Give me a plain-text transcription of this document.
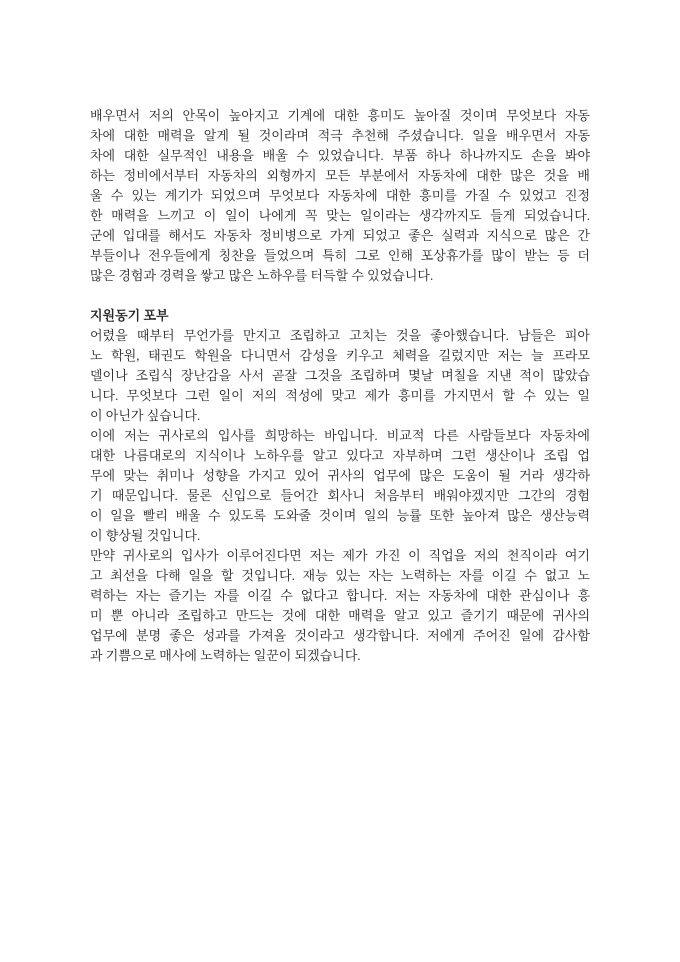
배우면서 저의 안목이 높아지고 기계에 대한 흥미도 높아질 것이며 무엇보다 자동
차에 대한 매력을 알게 될 것이라며 적극 추천해 주셨습니다. 일을 배우면서 자동
차에 대한 실무적인 내용을 배울 수 있었습니다. 부품 하나 하나까지도 손을 봐야
하는 정비에서부터 자동차의 외형까지 모든 부분에서 자동차에 대한 많은 것을 배
울 수 있는 계기가 되었으며 무엇보다 자동차에 대한 흥미를 가질 수 있었고 진정
한 매력을 느끼고 이 일이 나에게 꼭 맞는 일이라는 생각까지도 들게 되었습니다.
군에 입대를 해서도 자동차 정비병으로 가게 되었고 좋은 실력과 지식으로 많은 간
부들이나 전우들에게 칭찬을 들었으며 특히 그로 인해 포상휴가를 많이 받는 등 더
많은 경험과 경력을 쌓고 많은 노하우를 터득할 수 있었습니다.
지원동기 포부
어렸을 때부터 무언가를 만지고 조립하고 고치는 것을 좋아했습니다. 남들은 피아
노 학원, 태권도 학원을 다니면서 감성을 키우고 체력을 길렀지만 저는 늘 프라모
델이나 조립식 장난감을 사서 곧잘 그것을 조립하며 몇날 며칠을 지낸 적이 많았습
니다. 무엇보다 그런 일이 저의 적성에 맞고 제가 흥미를 가지면서 할 수 있는 일
이 아닌가 싶습니다.
이에 저는 귀사로의 입사를 희망하는 바입니다. 비교적 다른 사람들보다 자동차에
대한 나름대로의 지식이나 노하우를 알고 있다고 자부하며 그런 생산이나 조립 업
무에 맞는 취미나 성향을 가지고 있어 귀사의 업무에 많은 도움이 될 거라 생각하
기 때문입니다. 물론 신입으로 들어간 회사니 처음부터 배워야겠지만 그간의 경험
이 일을 빨리 배울 수 있도록 도와줄 것이며 일의 능률 또한 높아져 많은 생산능력
이 향상될 것입니다.
만약 귀사로의 입사가 이루어진다면 저는 제가 가진 이 직업을 저의 천직이라 여기
고 최선을 다해 일을 할 것입니다. 재능 있는 자는 노력하는 자를 이길 수 없고 노
력하는 자는 즐기는 자를 이길 수 없다고 합니다. 저는 자동차에 대한 관심이나 흥
미 뿐 아니라 조립하고 만드는 것에 대한 매력을 알고 있고 즐기기 때문에 귀사의
업무에 분명 좋은 성과를 가져올 것이라고 생각합니다. 저에게 주어진 일에 감사함
과 기쁨으로 매사에 노력하는 일꾼이 되겠습니다.
